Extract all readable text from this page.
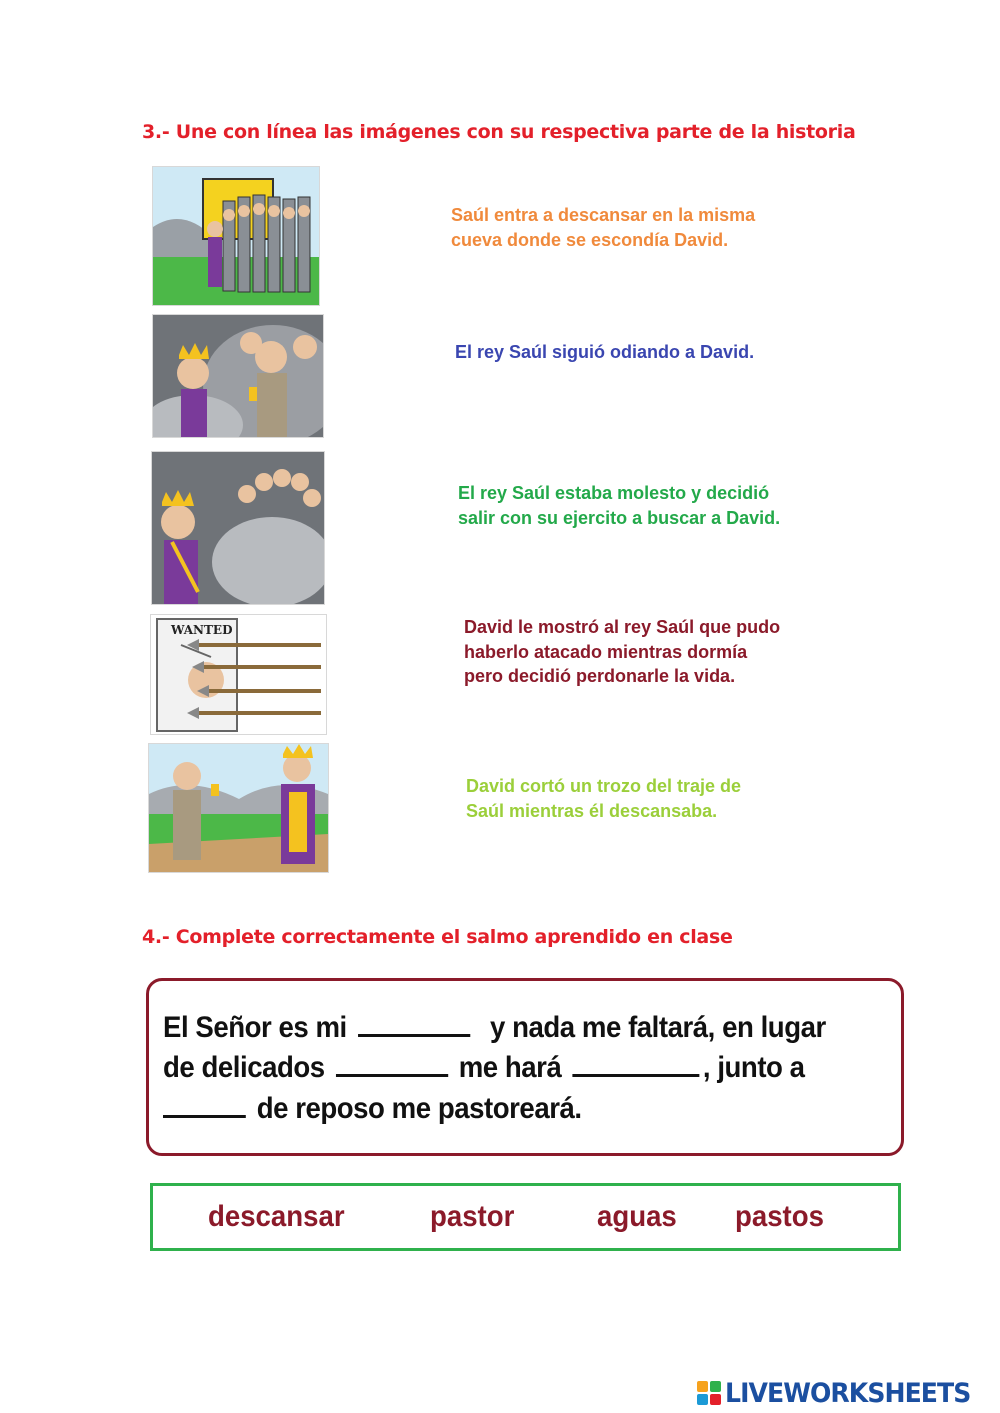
3.- Une con línea las imágenes con su respectiva parte de la historia
WANTED
Saúl entra a descansar en la misma
cueva donde se escondía David.
El rey Saúl siguió odiando a David.
El rey Saúl estaba molesto y decidió
salir con su ejercito a buscar a David.
David le mostró al rey Saúl que pudo
haberlo atacado mientras dormía
pero decidió perdonarle la vida.
David cortó un trozo del traje de
Saúl mientras él descansaba.
4.- Complete correctamente el salmo aprendido en clase
El Señor es mi	y nada me faltará, en lugar
de delicados	me hará	, junto a
de reposo me pastoreará.
descansar	pastor	aguas pastos
LIVEWORKSHEETS
